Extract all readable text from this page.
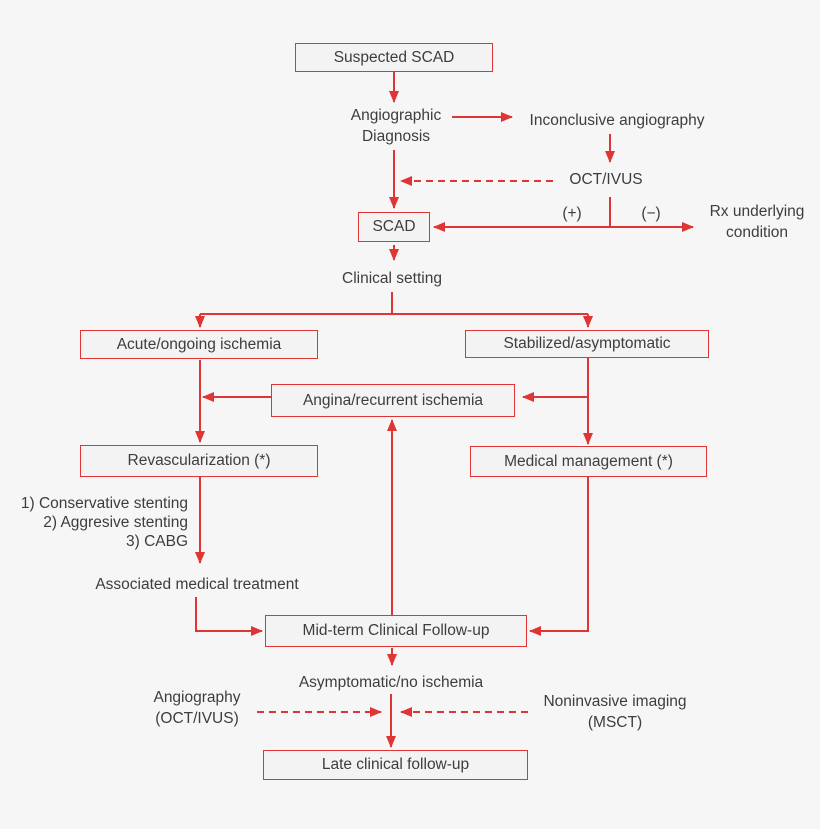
Suspected SCAD
SCAD
Acute/ongoing ischemia	Stabilized/asymptomatic
Angina/recurrent ischemia
Revascularization (*)	Medical management (*)
Mid-term Clinical Follow-up
Late clinical follow-up
Angiographic
Diagnosis
Inconclusive angiography
OCT/IVUS
(+)	(−)	Rx underlying
condition
Clinical setting
1) Conservative stenting
2) Aggresive stenting
3) CABG
Associated medical treatment
Asymptomatic/no ischemia
Angiography
(OCT/IVUS)
Noninvasive imaging
(MSCT)
